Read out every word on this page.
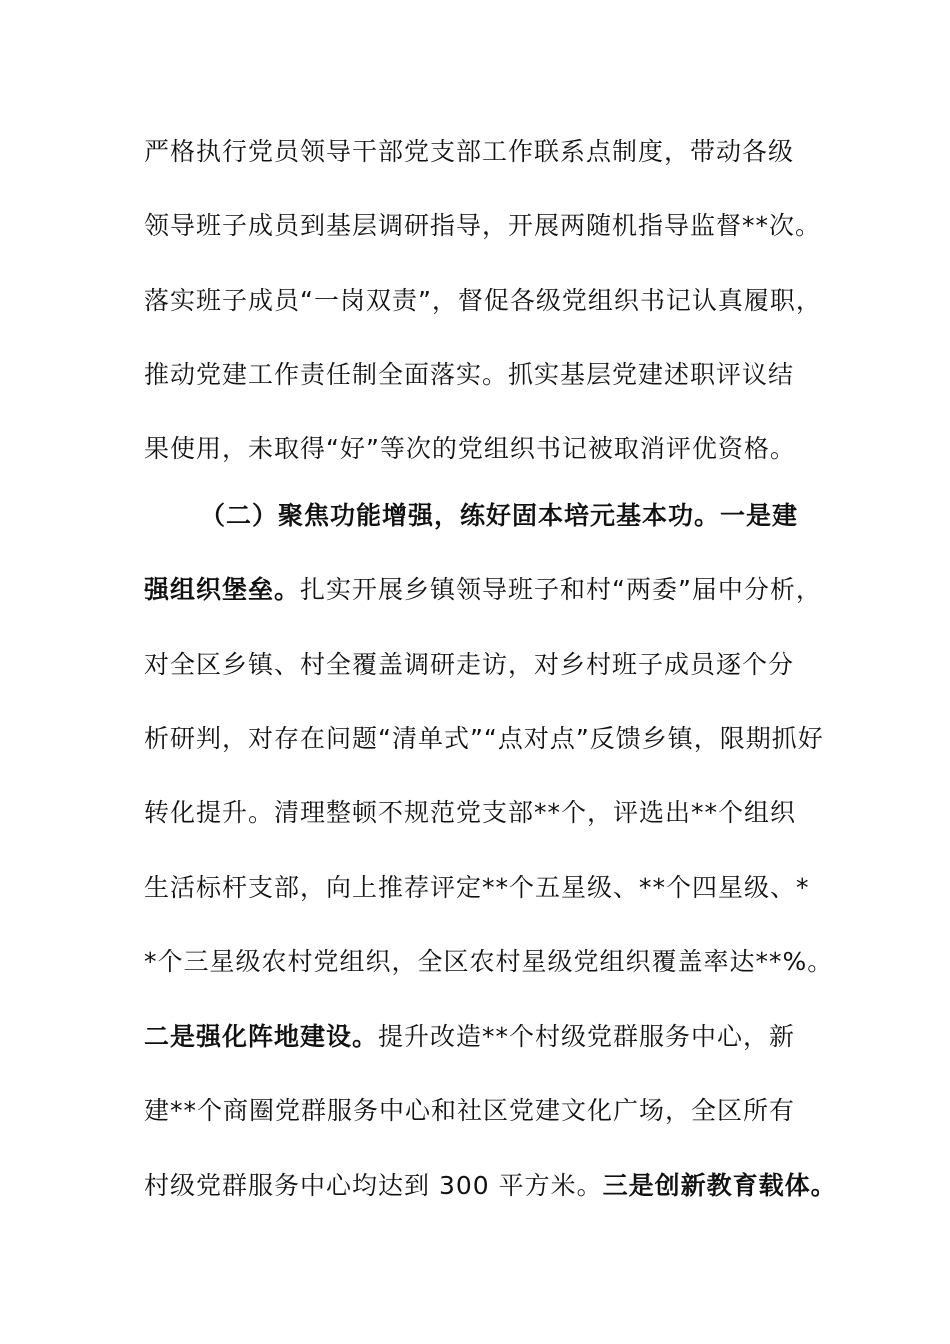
严格执行党员领导干部党支部工作联系点制度，带动各级
领导班子成员到基层调研指导，开展两随机指导监督**次。
落实班子成员“一岗双责”，督促各级党组织书记认真履职，
推动党建工作责任制全面落实。抓实基层党建述职评议结
果使用，未取得“好”等次的党组织书记被取消评优资格。
（二）聚焦功能增强，练好固本培元基本功。一是建
强组织堡垒。扎实开展乡镇领导班子和村“两委”届中分析，
对全区乡镇、村全覆盖调研走访，对乡村班子成员逐个分
析研判，对存在问题“清单式”“点对点”反馈乡镇，限期抓好
转化提升。清理整顿不规范党支部**个，评选出**个组织
生活标杆支部，向上推荐评定**个五星级、**个四星级、*
*个三星级农村党组织，全区农村星级党组织覆盖率达**%。
二是强化阵地建设。提升改造**个村级党群服务中心，新
建**个商圈党群服务中心和社区党建文化广场，全区所有
村级党群服务中心均达到 300 平方米。三是创新教育载体。
